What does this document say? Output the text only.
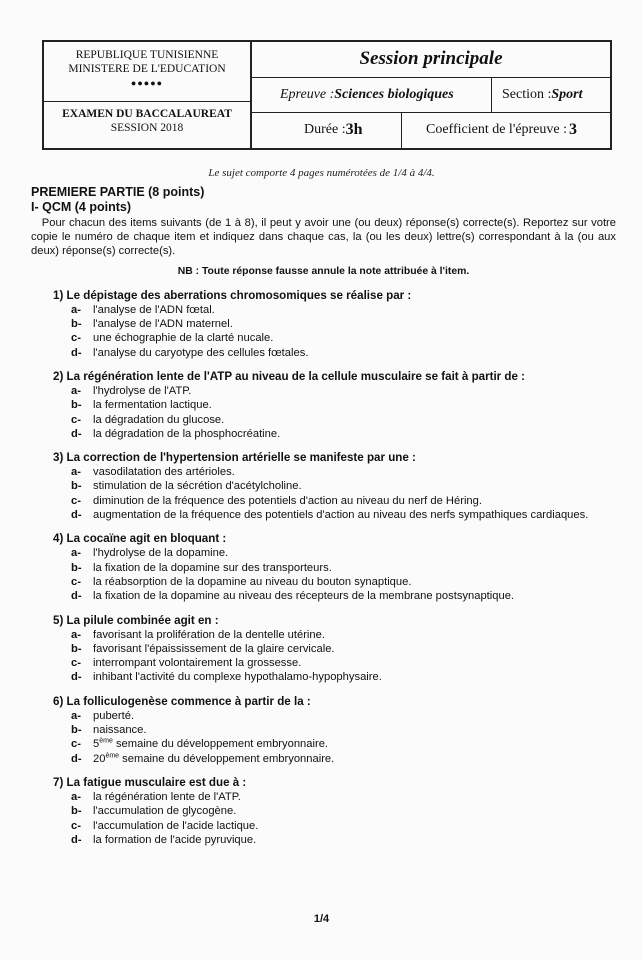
REPUBLIQUE TUNISIENNE
MINISTERE DE L'EDUCATION
●●●●●
EXAMEN DU BACCALAUREAT
SESSION 2018
Session principale
Epreuve : Sciences biologiques	Section : Sport
Durée : 3h	Coefficient de l'épreuve : 3
Le sujet comporte 4 pages numérotées de 1/4 à 4/4.
PREMIERE PARTIE (8 points)
I- QCM (4 points)
Pour chacun des items suivants (de 1 à 8), il peut y avoir une (ou deux) réponse(s) correcte(s). Reportez sur votre copie le numéro de chaque item et indiquez dans chaque cas, la (ou les deux) lettre(s) correspondant à la (ou aux deux) réponse(s) correcte(s).
NB : Toute réponse fausse annule la note attribuée à l'item.
1) Le dépistage des aberrations chromosomiques se réalise par :
a-	l'analyse de l'ADN fœtal.
b-	l'analyse de l'ADN maternel.
c-	une échographie de la clarté nucale.
d-	l'analyse du caryotype des cellules fœtales.
2) La régénération lente de l'ATP au niveau de la cellule musculaire se fait à partir de :
a-	l'hydrolyse de l'ATP.
b-	la fermentation lactique.
c-	la dégradation du glucose.
d-	la dégradation de la phosphocréatine.
3) La correction de l'hypertension artérielle se manifeste par une :
a-	vasodilatation des artérioles.
b-	stimulation de la sécrétion d'acétylcholine.
c-	diminution de la fréquence des potentiels d'action au niveau du nerf de Héring.
d-	augmentation de la fréquence des potentiels d'action au niveau des nerfs sympathiques cardiaques.
4) La cocaïne agit en bloquant :
a-	l'hydrolyse de la dopamine.
b-	la fixation de la dopamine sur des transporteurs.
c-	la réabsorption de la dopamine au niveau du bouton synaptique.
d-	la fixation de la dopamine au niveau des récepteurs de la membrane postsynaptique.
5) La pilule combinée agit en :
a-	favorisant la prolifération de la dentelle utérine.
b-	favorisant l'épaississement de la glaire cervicale.
c-	interrompant volontairement la grossesse.
d-	inhibant l'activité du complexe hypothalamo-hypophysaire.
6) La folliculogenèse commence à partir de la :
a-	puberté.
b-	naissance.
c-	5ème semaine du développement embryonnaire.
d-	20ème semaine du développement embryonnaire.
7) La fatigue musculaire est due à :
a-	la régénération lente de l'ATP.
b-	l'accumulation de glycogène.
c-	l'accumulation de l'acide lactique.
d-	la formation de l'acide pyruvique.
1/4
